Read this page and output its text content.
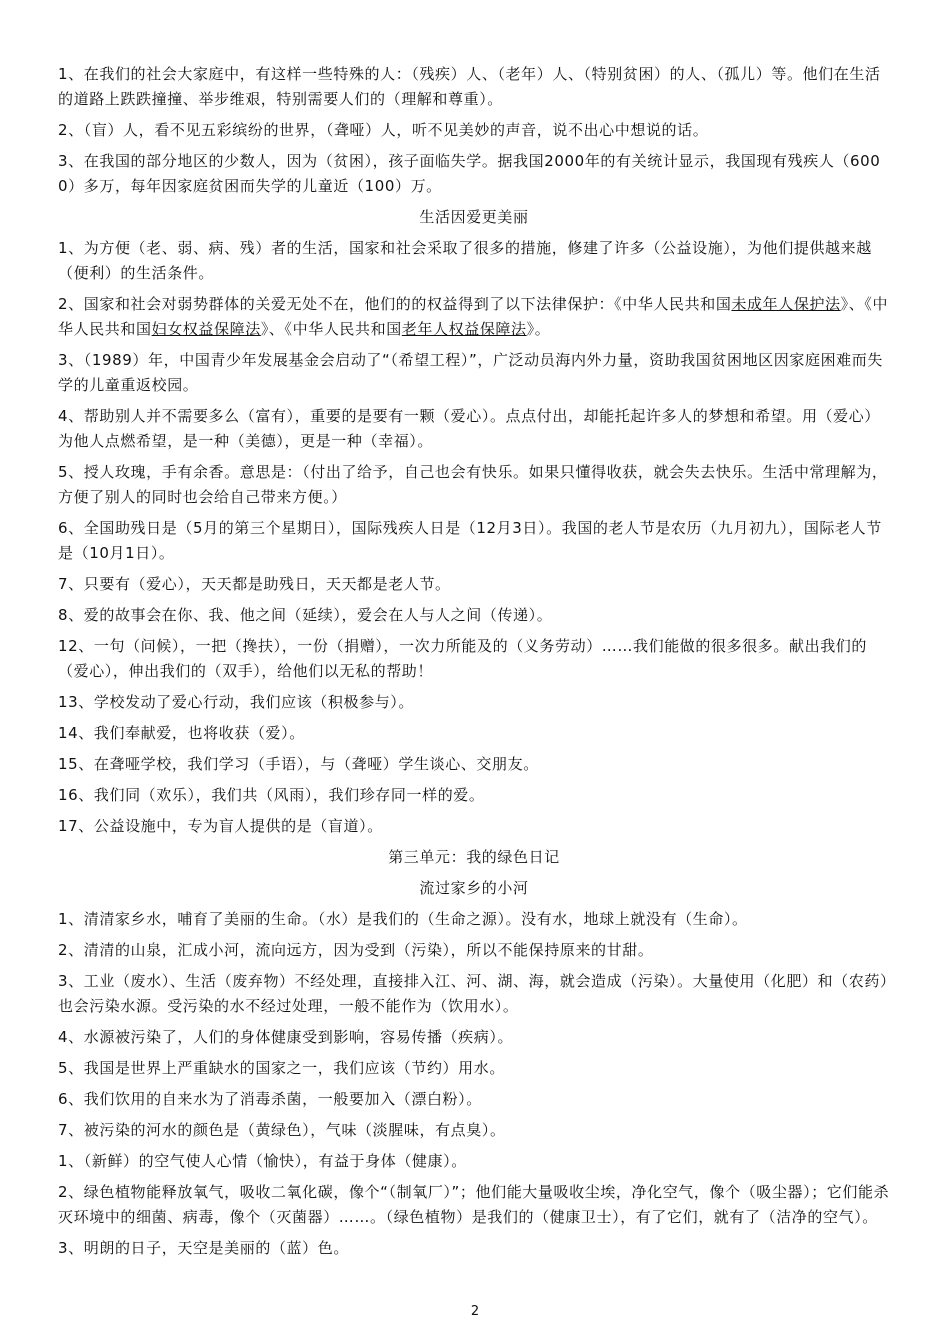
1、在我们的社会大家庭中，有这样一些特殊的人：（残疾）人、（老年）人、（特别贫困）的人、（孤儿）等。他们在生活的道路上跌跌撞撞、举步维艰，特别需要人们的（理解和尊重）。
2、（盲）人，看不见五彩缤纷的世界，（聋哑）人，听不见美妙的声音，说不出心中想说的话。
3、在我国的部分地区的少数人，因为（贫困），孩子面临失学。据我国2000年的有关统计显示，我国现有残疾人（6000）多万，每年因家庭贫困而失学的儿童近（100）万。
生活因爱更美丽
1、为方便（老、弱、病、残）者的生活，国家和社会采取了很多的措施，修建了许多（公益设施），为他们提供越来越（便利）的生活条件。
2、国家和社会对弱势群体的关爱无处不在，他们的的权益得到了以下法律保护：《中华人民共和国未成年人保护法》、《中华人民共和国妇女权益保障法》、《中华人民共和国老年人权益保障法》。
3、（1989）年，中国青少年发展基金会启动了“（希望工程）”，广泛动员海内外力量，资助我国贫困地区因家庭困难而失学的儿童重返校园。
4、帮助别人并不需要多么（富有），重要的是要有一颗（爱心）。点点付出，却能托起许多人的梦想和希望。用（爱心）为他人点燃希望，是一种（美德），更是一种（幸福）。
5、授人玫瑰，手有余香。意思是：（付出了给予，自己也会有快乐。如果只懂得收获，就会失去快乐。生活中常理解为，方便了别人的同时也会给自己带来方便。）
6、全国助残日是（5月的第三个星期日），国际残疾人日是（12月3日）。我国的老人节是农历（九月初九），国际老人节是（10月1日）。
7、只要有（爱心），天天都是助残日，天天都是老人节。
8、爱的故事会在你、我、他之间（延续），爱会在人与人之间（传递）。
12、一句（问候），一把（搀扶），一份（捐赠），一次力所能及的（义务劳动）……我们能做的很多很多。献出我们的（爱心），伸出我们的（双手），给他们以无私的帮助！
13、学校发动了爱心行动，我们应该（积极参与）。
14、我们奉献爱，也将收获（爱）。
15、在聋哑学校，我们学习（手语），与（聋哑）学生谈心、交朋友。
16、我们同（欢乐），我们共（风雨），我们珍存同一样的爱。
17、公益设施中，专为盲人提供的是（盲道）。
第三单元：我的绿色日记
流过家乡的小河
1、清清家乡水，哺育了美丽的生命。（水）是我们的（生命之源）。没有水，地球上就没有（生命）。
2、清清的山泉，汇成小河，流向远方，因为受到（污染），所以不能保持原来的甘甜。
3、工业（废水）、生活（废弃物）不经处理，直接排入江、河、湖、海，就会造成（污染）。大量使用（化肥）和（农药）也会污染水源。受污染的水不经过处理，一般不能作为（饮用水）。
4、水源被污染了，人们的身体健康受到影响，容易传播（疾病）。
5、我国是世界上严重缺水的国家之一，我们应该（节约）用水。
6、我们饮用的自来水为了消毒杀菌，一般要加入（漂白粉）。
7、被污染的河水的颜色是（黄绿色），气味（淡腥味，有点臭）。
1、（新鲜）的空气使人心情（愉快），有益于身体（健康）。
2、绿色植物能释放氧气，吸收二氧化碳，像个“（制氧厂）”；他们能大量吸收尘埃，净化空气，像个（吸尘器）；它们能杀灭环境中的细菌、病毒，像个（灭菌器）……。（绿色植物）是我们的（健康卫士），有了它们，就有了（洁净的空气）。
3、明朗的日子，天空是美丽的（蓝）色。
2
